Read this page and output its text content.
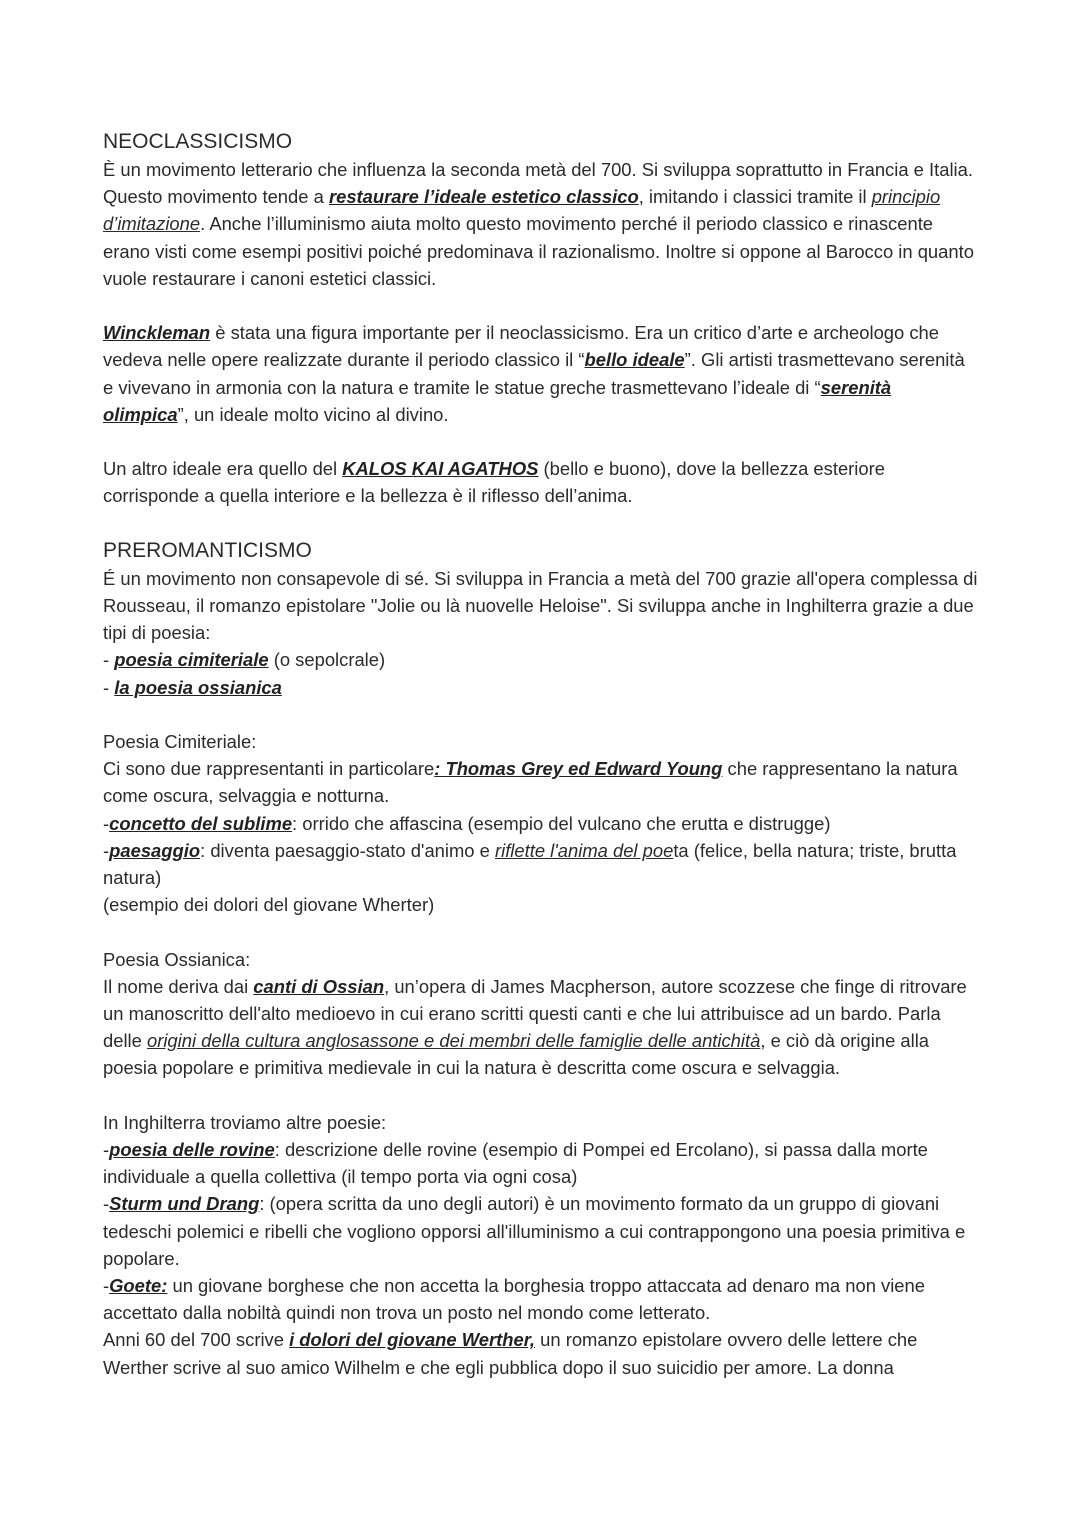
NEOCLASSICISMO

È un movimento letterario che influenza la seconda metà del 700. Si sviluppa soprattutto in Francia e Italia. Questo movimento tende a restaurare l’ideale estetico classico, imitando i classici tramite il principio d’imitazione. Anche l’illuminismo aiuta molto questo movimento perché il periodo classico e rinascente erano visti come esempi positivi poiché predominava il razionalismo. Inoltre si oppone al Barocco in quanto vuole restaurare i canoni estetici classici.

Winckleman è stata una figura importante per il neoclassicismo. Era un critico d’arte e archeologo che vedeva nelle opere realizzate durante il periodo classico il “bello ideale”. Gli artisti trasmettevano serenità e vivevano in armonia con la natura e tramite le statue greche trasmettevano l’ideale di “serenità olimpica”, un ideale molto vicino al divino.

Un altro ideale era quello del KALOS KAI AGATHOS (bello e buono), dove la bellezza esteriore corrisponde a quella interiore e la bellezza è il riflesso dell’anima.

PREROMANTICISMO

É un movimento non consapevole di sé. Si sviluppa in Francia a metà del 700 grazie all'opera complessa di Rousseau, il romanzo epistolare "Jolie ou là nuovelle Heloise". Si sviluppa anche in Inghilterra grazie a due tipi di poesia:

- poesia cimiteriale (o sepolcrale)

- la poesia ossianica

Poesia Cimiteriale:

Ci sono due rappresentanti in particolare: Thomas Grey ed Edward Young che rappresentano la natura come oscura, selvaggia e notturna.

-concetto del sublime: orrido che affascina (esempio del vulcano che erutta e distrugge)

-paesaggio: diventa paesaggio-stato d'animo e riflette l'anima del poeta (felice, bella natura; triste, brutta natura)

(esempio dei dolori del giovane Wherter)

Poesia Ossianica:

Il nome deriva dai canti di Ossian, un’opera di James Macpherson, autore scozzese che finge di ritrovare un manoscritto dell'alto medioevo in cui erano scritti questi canti e che lui attribuisce ad un bardo. Parla delle origini della cultura anglosassone e dei membri delle famiglie delle antichità, e ciò dà origine alla poesia popolare e primitiva medievale in cui la natura è descritta come oscura e selvaggia.

In Inghilterra troviamo altre poesie:

-poesia delle rovine: descrizione delle rovine (esempio di Pompei ed Ercolano), si passa dalla morte individuale a quella collettiva (il tempo porta via ogni cosa)

-Sturm und Drang: (opera scritta da uno degli autori) è un movimento formato da un gruppo di giovani tedeschi polemici e ribelli che vogliono opporsi all'illuminismo a cui contrappongono una poesia primitiva e popolare.

-Goete: un giovane borghese che non accetta la borghesia troppo attaccata ad denaro ma non viene accettato dalla nobiltà quindi non trova un posto nel mondo come letterato.

Anni 60 del 700 scrive i dolori del giovane Werther, un romanzo epistolare ovvero delle lettere che Werther scrive al suo amico Wilhelm e che egli pubblica dopo il suo suicidio per amore. La donna
